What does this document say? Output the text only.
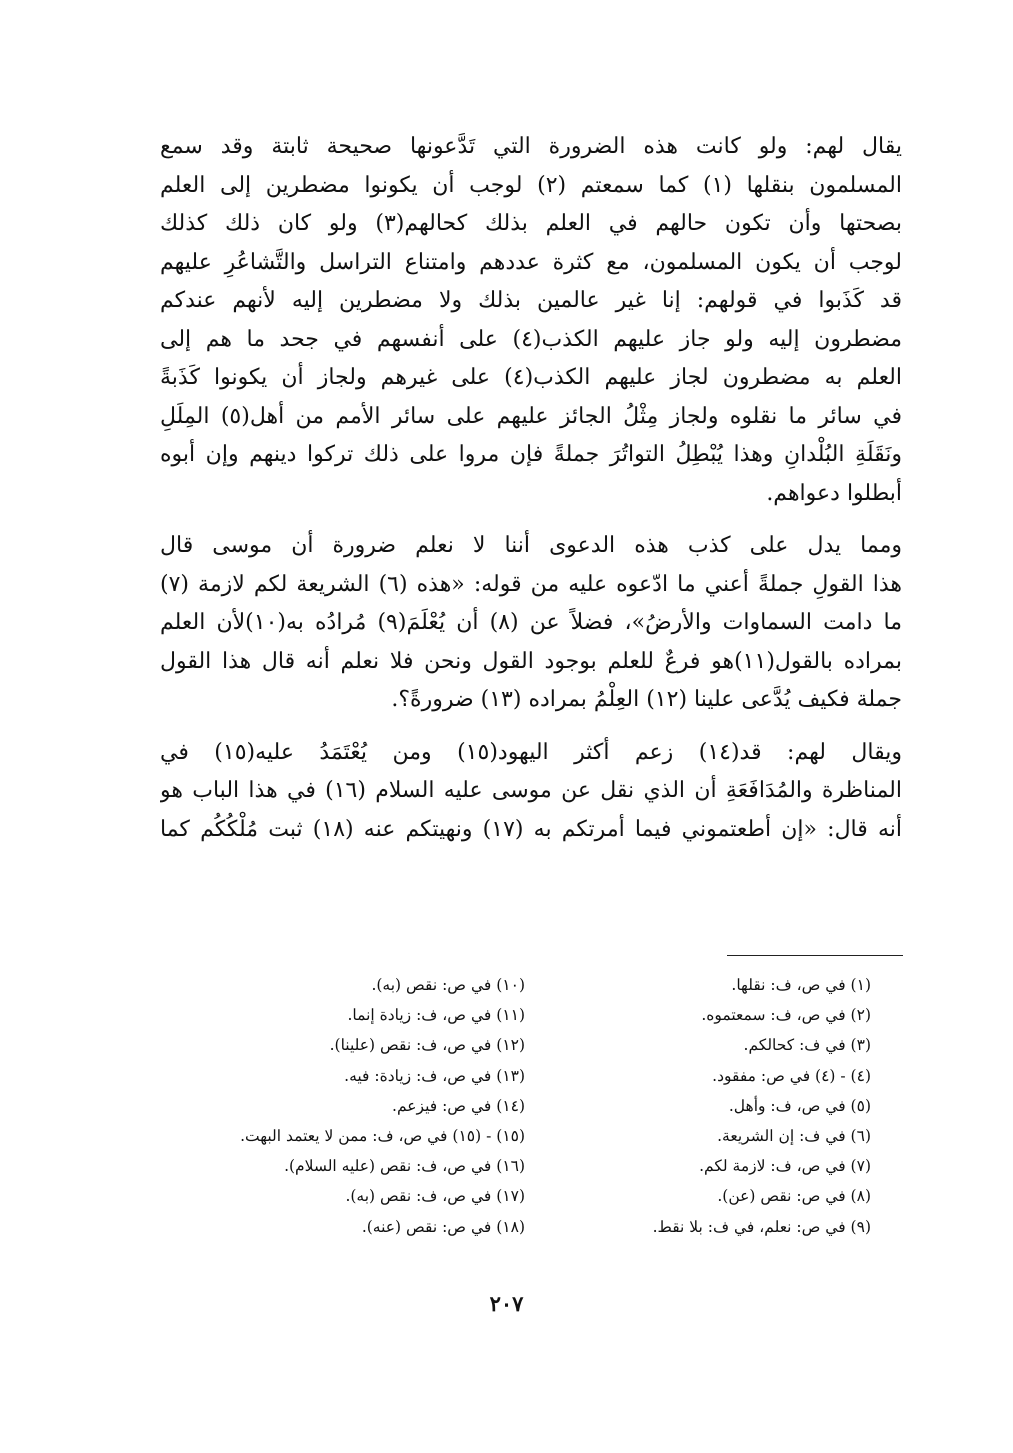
يقال لهم: ولو كانت هذه الضرورة التي تَدَّعونها صحيحة ثابتة وقد سمع
المسلمون بنقلها (١) كما سمعتم (٢) لوجب أن يكونوا مضطرين إلى العلم
بصحتها وأن تكون حالهم في العلم بذلك كحالهم(٣) ولو كان ذلك كذلك
لوجب أن يكون المسلمون، مع كثرة عددهم وامتناع التراسل والتَّشاعُرِ عليهم
قد كَذَبوا في قولهم: إنا غير عالمين بذلك ولا مضطرين إليه لأنهم عندكم
مضطرون إليه ولو جاز عليهم الكذب(٤) على أنفسهم في جحد ما هم إلى
العلم به مضطرون لجاز عليهم الكذب(٤) على غيرهم ولجاز أن يكونوا كَذَبةً
في سائر ما نقلوه ولجاز مِثْلُ الجائز عليهم على سائر الأمم من أهل(٥) المِلَلِ
ونَقَلَةِ البُلْدانِ وهذا يُبْطِلُ التواتُرَ جملةً فإن مروا على ذلك تركوا دينهم وإن أبوه
أبطلوا دعواهم.
ومما يدل على كذب هذه الدعوى أننا لا نعلم ضرورة أن موسى قال
هذا القولِ جملةً أعني ما ادّعوه عليه من قوله: «هذه (٦) الشريعة لكم لازمة (٧)
ما دامت السماوات والأرضُ»، فضلاً عن (٨) أن يُعْلَمَ(٩) مُرادُه به(١٠)لأن العلم
بمراده بالقول(١١)هو فرعٌ للعلم بوجود القول ونحن فلا نعلم أنه قال هذا القول
جملة فكيف يُدَّعى علينا (١٢) العِلْمُ بمراده (١٣) ضرورةً؟.
ويقال لهم: قد(١٤) زعم أكثر اليهود(١٥) ومن يُعْتَمَدُ عليه(١٥) في
المناظرة والمُدَافَعَةِ أن الذي نقل عن موسى عليه السلام (١٦) في هذا الباب هو
أنه قال: «إن أطعتموني فيما أمرتكم به (١٧) ونهيتكم عنه (١٨) ثبت مُلْكُكُم كما
(١) في ص، ف: نقلها.
(٢) في ص، ف: سمعتموه.
(٣) في ف: كحالكم.
(٤) - (٤) في ص: مفقود.
(٥) في ص، ف: وأهل.
(٦) في ف: إن الشريعة.
(٧) في ص، ف: لازمة لكم.
(٨) في ص: نقص (عن).
(٩) في ص: نعلم، في ف: بلا نقط.
(١٠) في ص: نقص (به).
(١١) في ص، ف: زيادة إنما.
(١٢) في ص، ف: نقص (علينا).
(١٣) في ص، ف: زيادة: فيه.
(١٤) في ص: فيزعم.
(١٥) - (١٥) في ص، ف: ممن لا يعتمد البهت.
(١٦) في ص، ف: نقص (عليه السلام).
(١٧) في ص، ف: نقص (به).
(١٨) في ص: نقص (عنه).
٢٠٧
